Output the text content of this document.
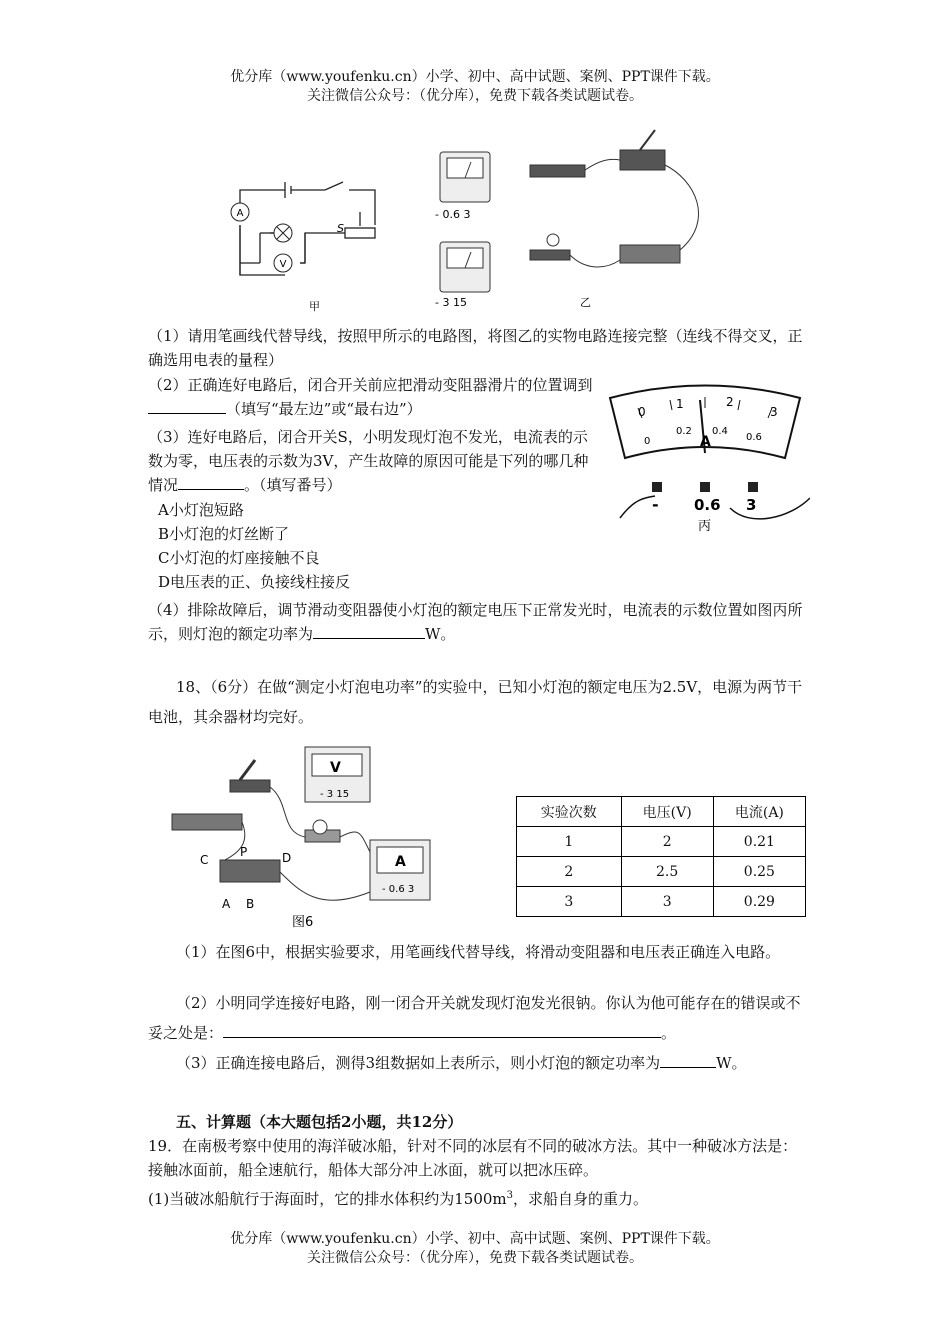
优分库（www.youfenku.cn）小学、初中、高中试题、案例、PPT课件下载。
关注微信公众号：（优分库），免费下载各类试题试卷。
A
V
S
甲
- 0.6 3
- 3 15	乙
（1）请用笔画线代替导线，按照甲所示的电路图，将图乙的实物电路连接完整（连线不得交叉，正确选用电表的量程）
（2）正确连好电路后，闭合开关前应把滑动变阻器滑片的位置调到（填写“最左边”或“最右边”）
（3）连好电路后，闭合开关S，小明发现灯泡不发光，电流表的示数为零，电压表的示数为3V，产生故障的原因可能是下列的哪几种情况	。（填写番号）
A小灯泡短路
B小灯泡的灯丝断了
C小灯泡的灯座接触不良
D电压表的正、负接线柱接反
（4）排除故障后，调节滑动变阻器使小灯泡的额定电压下正常发光时，电流表的示数位置如图丙所示，则灯泡的额定功率为	W。
0
1	2
3
0
0.2 0.4
0.6
A
- 0.6 3
丙
18、（6分）在做“测定小灯泡电功率”的实验中，已知小灯泡的额定电压为2.5V，电源为两节干电池，其余器材均完好。
V
- 3 15
A
- 0.6 3
C
P	D
A B
图6
实验次数	电压(V)	电流(A)
1	2	0.21
2	2.5	0.25
3	3	0.29
（1）在图6中，根据实验要求，用笔画线代替导线，将滑动变阻器和电压表正确连入电路。
（2）小明同学连接好电路，刚一闭合开关就发现灯泡发光很钠。你认为他可能存在的错误或不妥之处是：	。
（3）正确连接电路后，测得3组数据如上表所示，则小灯泡的额定功率为	W。
五、计算题（本大题包括2小题，共12分）
19．在南极考察中使用的海洋破冰船，针对不同的冰层有不同的破冰方法。其中一种破冰方法是：接触冰面前，船全速航行，船体大部分冲上冰面，就可以把冰压碎。
(1)当破冰船航行于海面时，它的排水体积约为$1500m^3$，求船自身的重力。
优分库（www.youfenku.cn）小学、初中、高中试题、案例、PPT课件下载。
关注微信公众号：（优分库），免费下载各类试题试卷。
